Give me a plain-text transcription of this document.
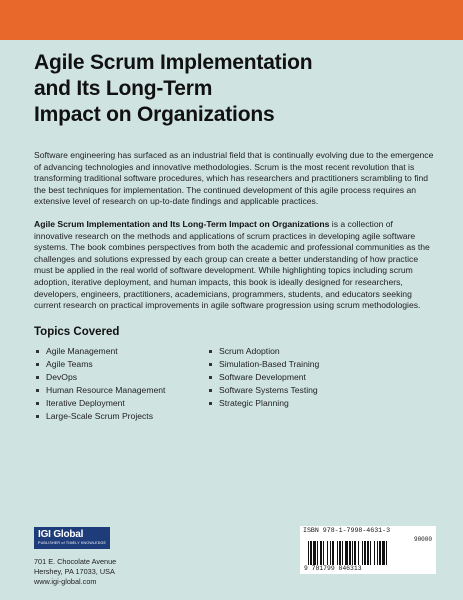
Agile Scrum Implementation
and Its Long-Term
Impact on Organizations

Software engineering has surfaced as an industrial field that is continually evolving due to the emergence of advancing technologies and innovative methodologies. Scrum is the most recent revolution that is transforming traditional software procedures, which has researchers and practitioners scrambling to find the best techniques for implementation. The continued development of this agile process requires an extensive level of research on up-to-date findings and applicable practices.

Agile Scrum Implementation and Its Long-Term Impact on Organizations is a collection of innovative research on the methods and applications of scrum practices in developing agile software systems. The book combines perspectives from both the academic and professional communities as the challenges and solutions expressed by each group can create a better understanding of how practice must be applied in the real world of software development. While highlighting topics including scrum adoption, iterative deployment, and human impacts, this book is ideally designed for researchers, developers, engineers, practitioners, academicians, programmers, students, and educators seeking current research on practical improvements in agile software progression using scrum methodologies.

Topics Covered
Agile Management
Agile Teams
DevOps
Human Resource Management
Iterative Deployment
Large-Scale Scrum Projects
Scrum Adoption
Simulation-Based Training
Software Development
Software Systems Testing
Strategic Planning
IGI Global
PUBLISHER of TIMELY KNOWLEDGE
701 E. Chocolate Avenue
Hershey, PA 17033, USA
www.igi-global.com
ISBN 978-1-7998-4631-3
90000
9 781799 846313
